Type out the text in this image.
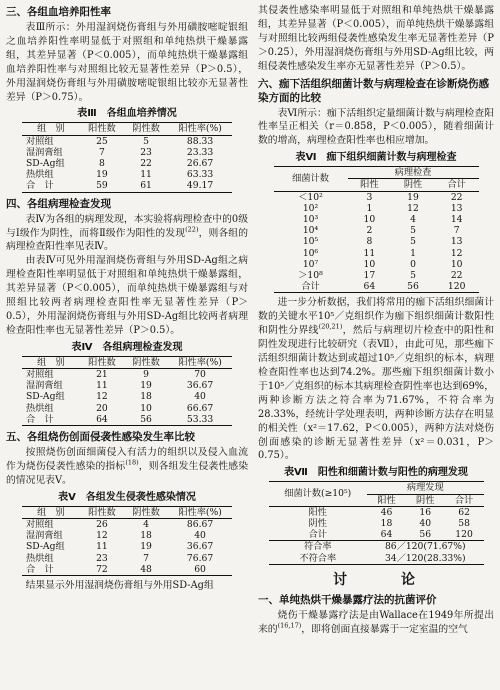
三、各组血培养阳性率

表Ⅲ所示：外用湿润烧伤膏组与外用磺胺嘧啶银组之血培养阳性率明显低于对照组和单纯热烘干燥暴露组，其差异显著（P＜0.005），而单纯热烘干燥暴露组血培养阳性率与对照组比较无显著性差异（P＞0.5），外用湿润烧伤膏组与外用磺胺嘧啶银组比较亦无显著性差异（P＞0.75）。

表Ⅲ　各组血培养情况
组　别	阳性数	阴性数	阳性率(%)
对照组	25	5	88.33
湿润膏组	7	23	23.33
SD-Ag组	8	22	26.67
热烘组	19	11	63.33
合　计	59	61	49.17
四、各组病理检查发现

表Ⅳ为各组的病理发现，本实验将病理检查中的0级与Ⅰ级作为阴性，而将Ⅱ级作为阳性的发现$^{(22)}$，则各组的病理检查阳性率见表Ⅳ。

由表Ⅳ可见外用湿润烧伤膏组与外用SD-Ag组之病理检查阳性率明显低于对照组和单纯热烘干燥暴露组，其差异显著（P＜0.005），而单纯热烘干燥暴露组与对照组比较两者病理检查阳性率无显著性差异（P＞0.5），外用湿润烧伤膏组与外用SD-Ag组比较两者病理检查阳性率也无显著性差异（P＞0.5）。

表Ⅳ　各组病理检查发现
组　别	阳性数	阴性数	阳性率(%)
对照组	21	9	70
湿润膏组	11	19	36.67
SD-Ag组	12	18	40
热烘组	20	10	66.67
合　计	64	56	53.33
五、各组烧伤创面侵袭性感染发生率比较

按照烧伤创面细菌侵入有活力的组织以及侵入血流作为烧伤侵袭性感染的指标$^{(18)}$，则各组发生侵袭性感染的情况见表Ⅴ。

表Ⅴ　各组发生侵袭性感染情况
组　别	阳性数	阴性数	阳性率(%)
对照组	26	4	86.67
湿润膏组	12	18	40
SD-Ag组	11	19	36.67
热烘组	23	7	76.67
合　计	72	48	60

结果显示外用湿润烧伤膏组与外用SD-Ag组

其侵袭性感染率明显低于对照组和单纯热烘干燥暴露组，其差异显著（P＜0.005），而单纯热烘干燥暴露组与对照组比较两组侵袭性感染发生率无显著性差异（P＞0.25），外用湿润烧伤膏组与外用SD-Ag组比较，两组侵袭性感染发生率亦无显著性差异（P＞0.5）。

六、痂下活组织细菌计数与病理检查在诊断烧伤感染方面的比较

表Ⅵ所示：痂下活组织定量细菌计数与病理检查阳性率呈正相关（r＝0.858，P＜0.005），随着细菌计数的增高，病理检查阳性率也相应增加。

表Ⅵ　痂下组织细菌计数与病理检查
细菌计数	病理检查		
	阳性	阴性	合计
＜10²	3	19	22
10²	1	12	13
10³	10	4	14
10⁴	2	5	7
10⁵	8	5	13
10⁶	11	1	12
10⁷	10	0	10
＞10⁸	17	5	22
合计	64	56	120

进一步分析数据，我们将常用的痂下活组织细菌计数的关键水平10⁵／克组织作为痂下组织细菌计数阳性和阴性分界线$^{(20,21)}$，然后与病理切片检查中的阳性和阴性发现进行比较研究（表Ⅶ），由此可见，那些痂下活组织细菌计数达到或超过10⁵／克组织的标本，病理检查阳性率也达到74.2%。那些痂下组织细菌计数小于10⁵／克组织的标本其病理检查阴性率也达到69%，两种诊断方法之符合率为71.67%，不符合率为28.33%，经统计学处理表明，两种诊断方法存在明显的相关性（x²＝17.62，P＜0.005），两种方法对烧伤创面感染的诊断无显著性差异（x²＝0.031，P＞0.75）。

表Ⅶ　阳性和细菌计数与阳性的病理发现
细菌计数(≥10⁵)	病理发现		
	阳性	阴性	合计
阳性	46	16	62
阴性	18	40	58
合计	64	56	120
符合率	86／120(71.67%)		
不符合率	34／120(28.33%)		
讨　论
一、单纯热烘干燥暴露疗法的抗菌评价

烧伤干燥暴露疗法是由Wallace在1949年所提出来的$^{(16,17)}$，即将创面直接暴露于一定室温的空气
